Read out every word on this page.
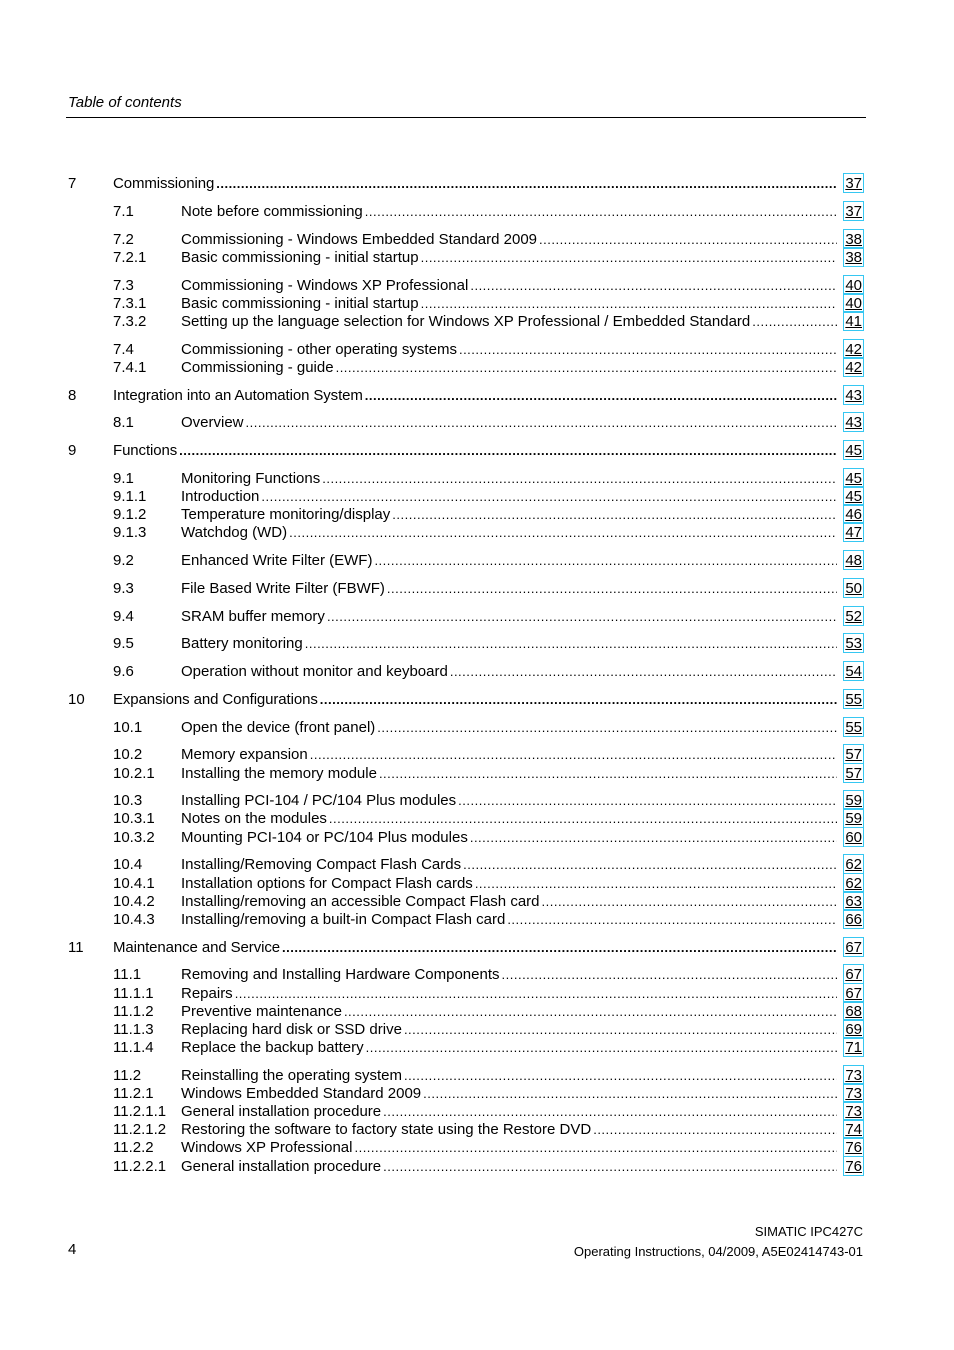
Table of contents
7 Commissioning .....	37
7.1	Note before commissioning .....	37
7.2	Commissioning - Windows Embedded Standard 2009 .....	38
7.2.1 Basic commissioning - initial startup .....	38
7.3	Commissioning - Windows XP Professional .....	40
7.3.1 Basic commissioning - initial startup .....	40
7.3.2 Setting up the language selection for Windows XP Professional / Embedded Standard .....	41
7.4	Commissioning - other operating systems .....	42
7.4.1 Commissioning - guide .....	42
8 Integration into an Automation System .....	43
8.1	Overview .....	43
9 Functions .....	45
9.1	Monitoring Functions .....	45
9.1.1 Introduction .....	45
9.1.2 Temperature monitoring/display .....	46
9.1.3 Watchdog (WD) .....	47
9.2	Enhanced Write Filter (EWF) .....	48
9.3	File Based Write Filter (FBWF) .....	50
9.4	SRAM buffer memory .....	52
9.5	Battery monitoring .....	53
9.6	Operation without monitor and keyboard .....	54
10 Expansions and Configurations .....	55
10.1	Open the device (front panel) .....	55
10.2	Memory expansion .....	57
10.2.1 Installing the memory module .....	57
10.3	Installing PCI-104 / PC/104 Plus modules .....	59
10.3.1 Notes on the modules .....	59
10.3.2 Mounting PCI-104 or PC/104 Plus modules .....	60
10.4	Installing/Removing Compact Flash Cards .....	62
10.4.1 Installation options for Compact Flash cards .....	62
10.4.2 Installing/removing an accessible Compact Flash card .....	63
10.4.3 Installing/removing a built-in Compact Flash card .....	66
11 Maintenance and Service .....	67
11.1	Removing and Installing Hardware Components .....	67
11.1.1 Repairs .....	67
11.1.2 Preventive maintenance .....	68
11.1.3 Replacing hard disk or SSD drive .....	69
11.1.4 Replace the backup battery .....	71
11.2	Reinstalling the operating system .....	73
11.2.1 Windows Embedded Standard 2009 .....	73
11.2.1.1 General installation procedure .....	73
11.2.1.2 Restoring the software to factory state using the Restore DVD .....	74
11.2.2 Windows XP Professional .....	76
11.2.2.1 General installation procedure .....	76
4
SIMATIC IPC427C
Operating Instructions, 04/2009, A5E02414743-01
